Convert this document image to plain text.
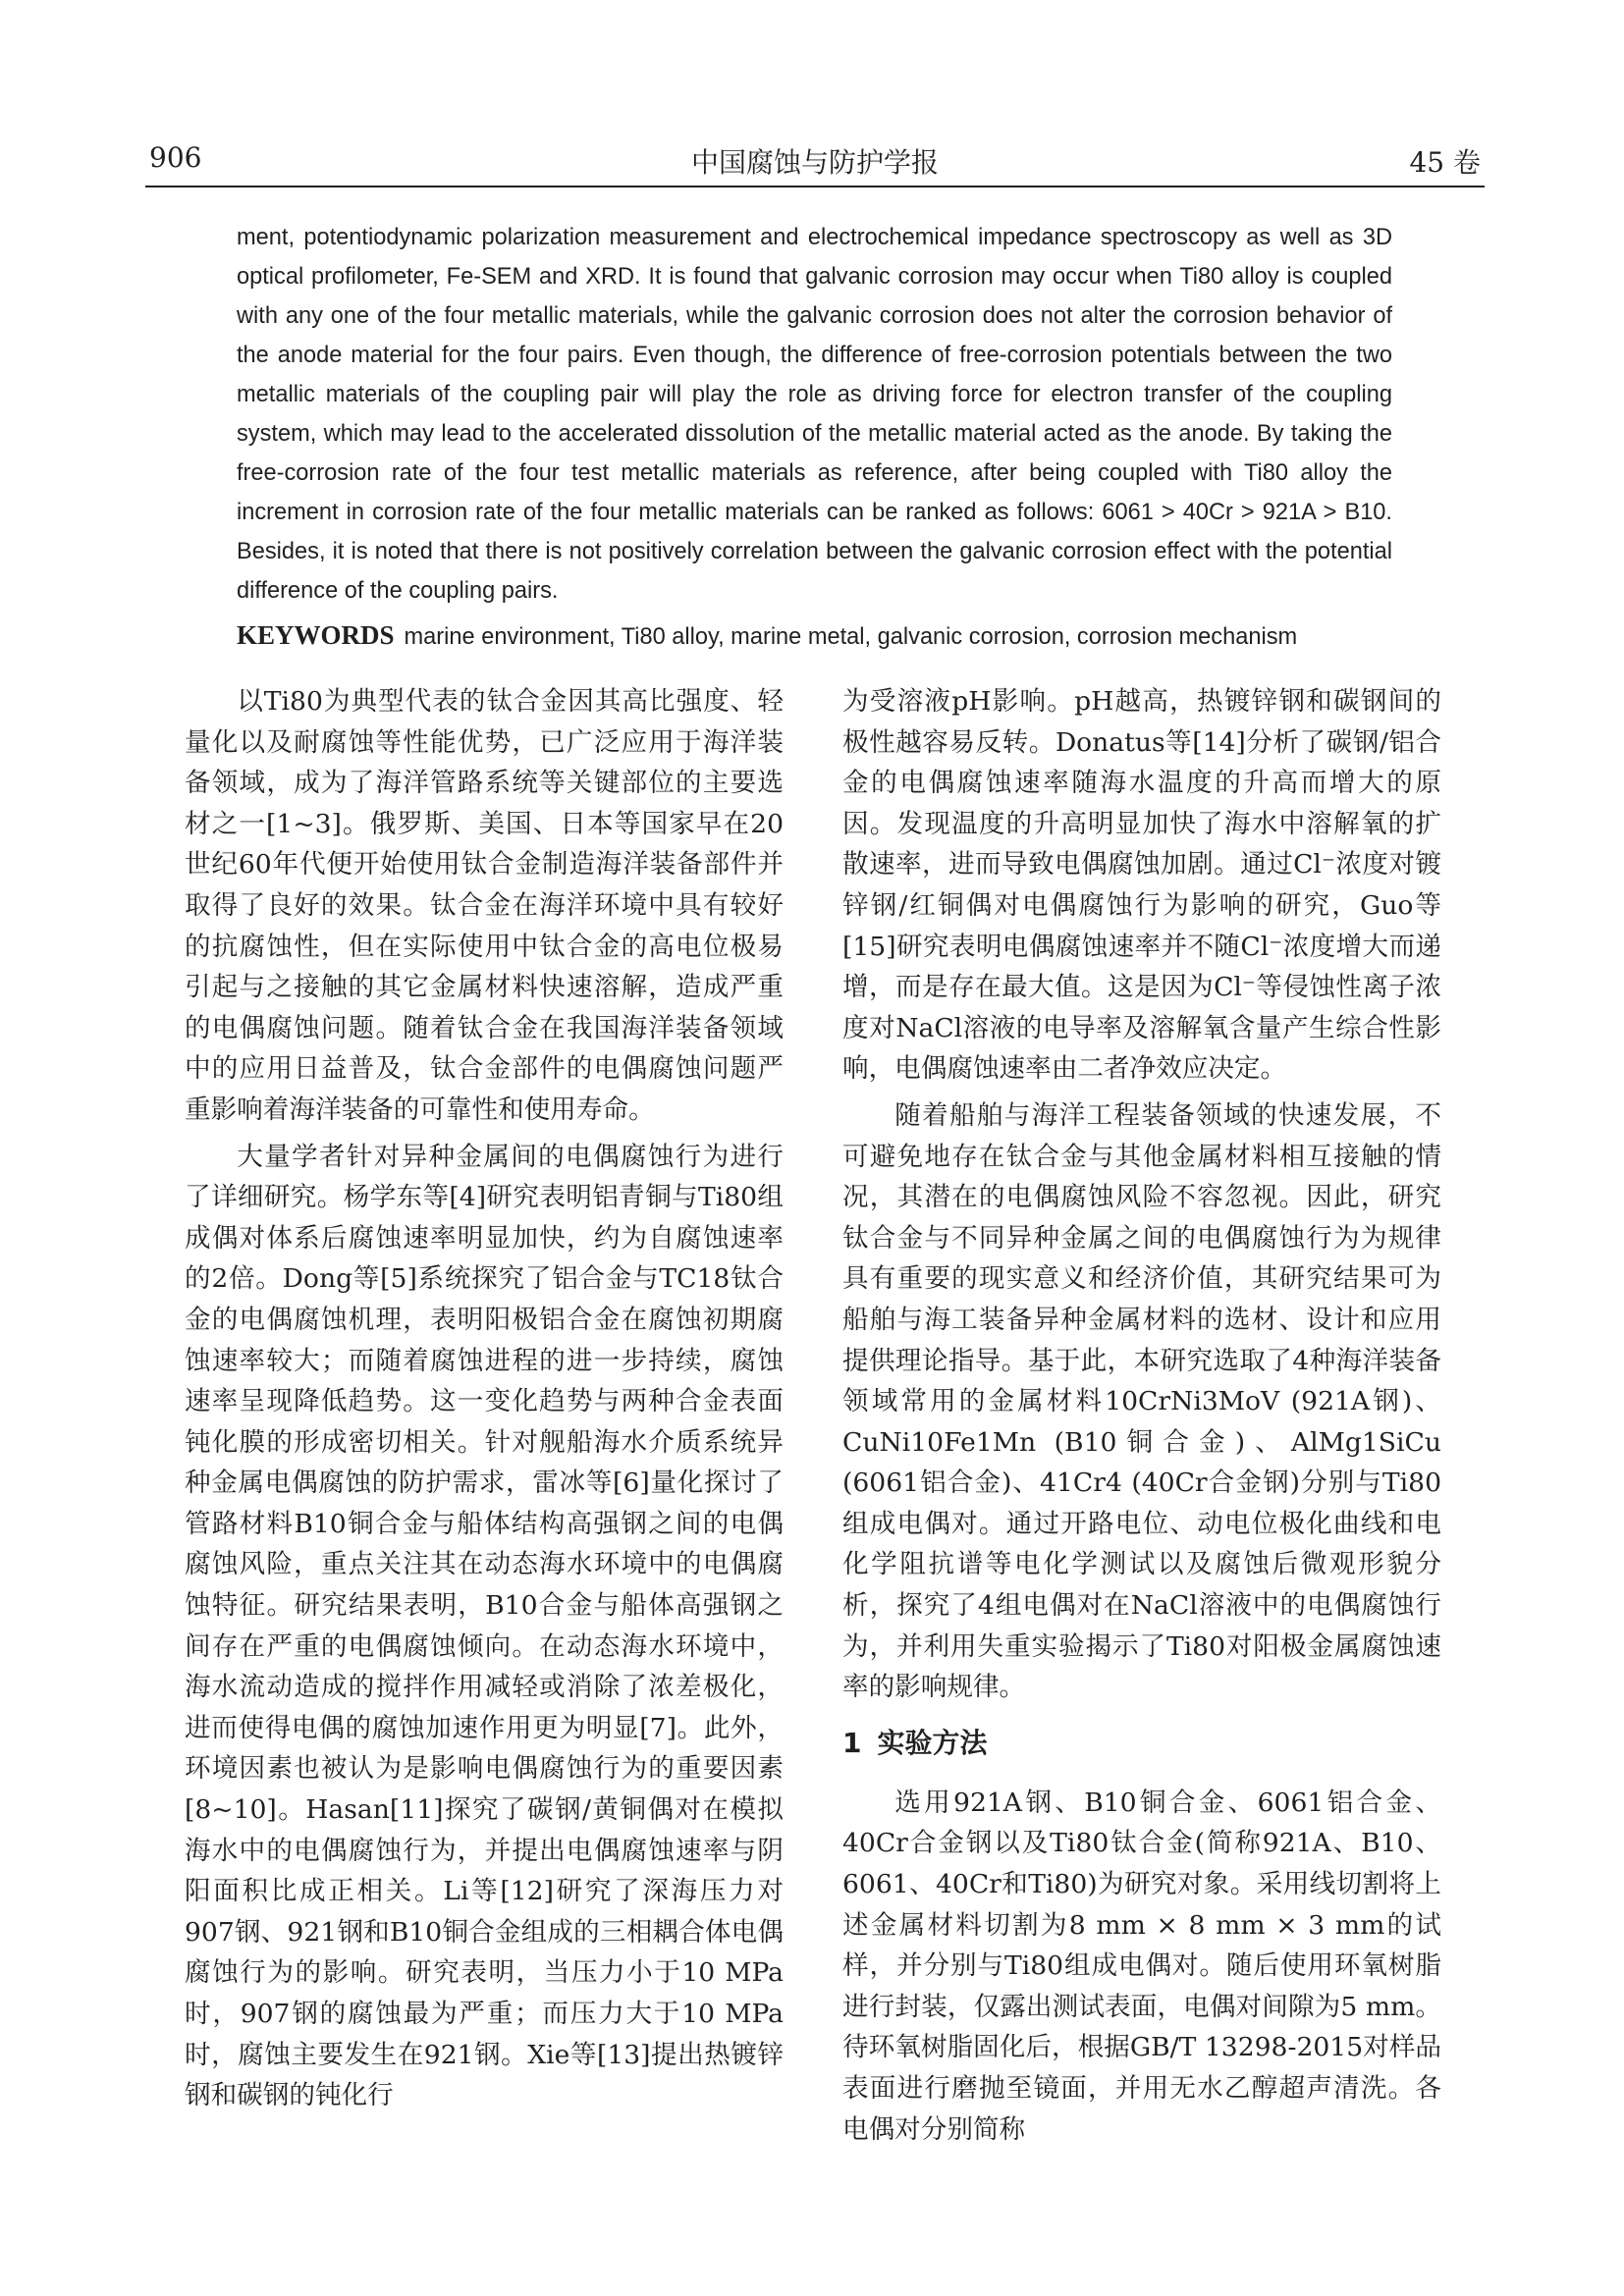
906	中国腐蚀与防护学报	45 卷
ment, potentiodynamic polarization measurement and electrochemical impedance spectroscopy as well as 3D optical profilometer, Fe-SEM and XRD. It is found that galvanic corrosion may occur when Ti80 alloy is coupled with any one of the four metallic materials, while the galvanic corrosion does not alter the corrosion behavior of the anode material for the four pairs. Even though, the difference of free-corrosion potentials between the two metallic materials of the coupling pair will play the role as driving force for electron transfer of the coupling system, which may lead to the accelerated dissolution of the metallic material acted as the anode. By taking the free-corrosion rate of the four test metallic materials as reference, after being coupled with Ti80 alloy the increment in corrosion rate of the four metallic materials can be ranked as follows: 6061 > 40Cr > 921A > B10. Besides, it is noted that there is not positively correlation between the galvanic corrosion effect with the potential difference of the coupling pairs.
KEYWORDS marine environment, Ti80 alloy, marine metal, galvanic corrosion, corrosion mechanism

以Ti80为典型代表的钛合金因其高比强度、轻量化以及耐腐蚀等性能优势，已广泛应用于海洋装备领域，成为了海洋管路系统等关键部位的主要选材之一[1~3]。俄罗斯、美国、日本等国家早在20世纪60年代便开始使用钛合金制造海洋装备部件并取得了良好的效果。钛合金在海洋环境中具有较好的抗腐蚀性，但在实际使用中钛合金的高电位极易引起与之接触的其它金属材料快速溶解，造成严重的电偶腐蚀问题。随着钛合金在我国海洋装备领域中的应用日益普及，钛合金部件的电偶腐蚀问题严重影响着海洋装备的可靠性和使用寿命。

大量学者针对异种金属间的电偶腐蚀行为进行了详细研究。杨学东等[4]研究表明铝青铜与Ti80组成偶对体系后腐蚀速率明显加快，约为自腐蚀速率的2倍。Dong等[5]系统探究了铝合金与TC18钛合金的电偶腐蚀机理，表明阳极铝合金在腐蚀初期腐蚀速率较大；而随着腐蚀进程的进一步持续，腐蚀速率呈现降低趋势。这一变化趋势与两种合金表面钝化膜的形成密切相关。针对舰船海水介质系统异种金属电偶腐蚀的防护需求，雷冰等[6]量化探讨了管路材料B10铜合金与船体结构高强钢之间的电偶腐蚀风险，重点关注其在动态海水环境中的电偶腐蚀特征。研究结果表明，B10合金与船体高强钢之间存在严重的电偶腐蚀倾向。在动态海水环境中，海水流动造成的搅拌作用减轻或消除了浓差极化，进而使得电偶的腐蚀加速作用更为明显[7]。此外，环境因素也被认为是影响电偶腐蚀行为的重要因素[8~10]。Hasan[11]探究了碳钢/黄铜偶对在模拟海水中的电偶腐蚀行为，并提出电偶腐蚀速率与阴阳面积比成正相关。Li等[12]研究了深海压力对907钢、921钢和B10铜合金组成的三相耦合体电偶腐蚀行为的影响。研究表明，当压力小于10 MPa时，907钢的腐蚀最为严重；而压力大于10 MPa时，腐蚀主要发生在921钢。Xie等[13]提出热镀锌钢和碳钢的钝化行

为受溶液pH影响。pH越高，热镀锌钢和碳钢间的极性越容易反转。Donatus等[14]分析了碳钢/铝合金的电偶腐蚀速率随海水温度的升高而增大的原因。发现温度的升高明显加快了海水中溶解氧的扩散速率，进而导致电偶腐蚀加剧。通过Cl⁻浓度对镀锌钢/红铜偶对电偶腐蚀行为影响的研究，Guo等[15]研究表明电偶腐蚀速率并不随Cl⁻浓度增大而递增，而是存在最大值。这是因为Cl⁻等侵蚀性离子浓度对NaCl溶液的电导率及溶解氧含量产生综合性影响，电偶腐蚀速率由二者净效应决定。

随着船舶与海洋工程装备领域的快速发展，不可避免地存在钛合金与其他金属材料相互接触的情况，其潜在的电偶腐蚀风险不容忽视。因此，研究钛合金与不同异种金属之间的电偶腐蚀行为为规律具有重要的现实意义和经济价值，其研究结果可为船舶与海工装备异种金属材料的选材、设计和应用提供理论指导。基于此，本研究选取了4种海洋装备领域常用的金属材料10CrNi3MoV (921A钢)、CuNi10Fe1Mn (B10铜合金)、AlMg1SiCu (6061铝合金)、41Cr4 (40Cr合金钢)分别与Ti80组成电偶对。通过开路电位、动电位极化曲线和电化学阻抗谱等电化学测试以及腐蚀后微观形貌分析，探究了4组电偶对在NaCl溶液中的电偶腐蚀行为，并利用失重实验揭示了Ti80对阳极金属腐蚀速率的影响规律。

1 实验方法

选用921A钢、B10铜合金、6061铝合金、40Cr合金钢以及Ti80钛合金(简称921A、B10、6061、40Cr和Ti80)为研究对象。采用线切割将上述金属材料切割为8 mm × 8 mm × 3 mm的试样，并分别与Ti80组成电偶对。随后使用环氧树脂进行封装，仅露出测试表面，电偶对间隙为5 mm。待环氧树脂固化后，根据GB/T 13298-2015对样品表面进行磨抛至镜面，并用无水乙醇超声清洗。各电偶对分别简称
